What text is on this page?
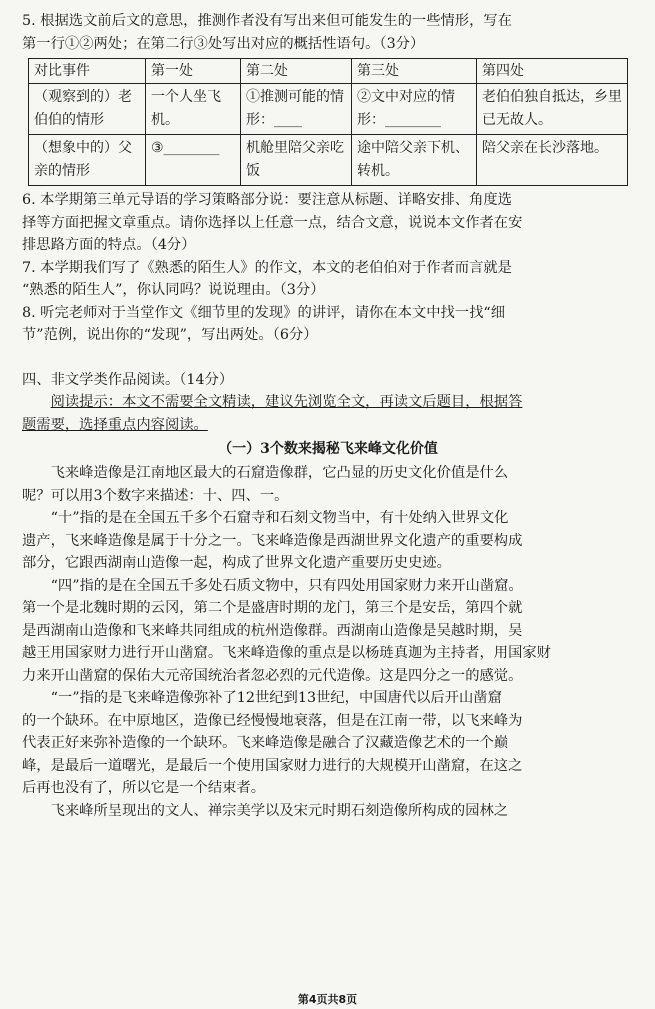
5. 根据选文前后文的意思，推测作者没有写出来但可能发生的一些情形，写在

第一行①②两处；在第二行③处写出对应的概括性语句。（3分）

对比事件	第一处	第二处	第三处	第四处
（观察到的）老伯伯的情形	一个人坐飞机。	①推测可能的情形：____	②文中对应的情形：________	老伯伯独自抵达，乡里已无故人。
（想象中的）父亲的情形	③________	机舱里陪父亲吃饭	途中陪父亲下机、转机。	陪父亲在长沙落地。

6. 本学期第三单元导语的学习策略部分说：要注意从标题、详略安排、角度选

择等方面把握文章重点。请你选择以上任意一点，结合文意，说说本文作者在安

排思路方面的特点。（4分）

7. 本学期我们写了《熟悉的陌生人》的作文，本文的老伯伯对于作者而言就是

“熟悉的陌生人”，你认同吗？说说理由。（3分）

8. 听完老师对于当堂作文《细节里的发现》的讲评，请你在本文中找一找“细

节”范例，说出你的“发现”，写出两处。（6分）

四、非文学类作品阅读。（14分）

阅读提示：本文不需要全文精读，建议先浏览全文，再读文后题目，根据答

题需要，选择重点内容阅读。

（一）3个数来揭秘飞来峰文化价值

飞来峰造像是江南地区最大的石窟造像群，它凸显的历史文化价值是什么

呢？可以用3个数字来描述：十、四、一。

“十”指的是在全国五千多个石窟寺和石刻文物当中，有十处纳入世界文化

遗产，飞来峰造像是属于十分之一。飞来峰造像是西湖世界文化遗产的重要构成

部分，它跟西湖南山造像一起，构成了世界文化遗产重要历史史迹。

“四”指的是在全国五千多处石质文物中，只有四处用国家财力来开山凿窟。

第一个是北魏时期的云冈，第二个是盛唐时期的龙门，第三个是安岳，第四个就

是西湖南山造像和飞来峰共同组成的杭州造像群。西湖南山造像是吴越时期，吴

越王用国家财力进行开山凿窟。飞来峰造像的重点是以杨琏真迦为主持者，用国家财

力来开山凿窟的保佑大元帝国统治者忽必烈的元代造像。这是四分之一的感觉。

“一”指的是飞来峰造像弥补了12世纪到13世纪，中国唐代以后开山凿窟

的一个缺环。在中原地区，造像已经慢慢地衰落，但是在江南一带，以飞来峰为

代表正好来弥补造像的一个缺环。飞来峰造像是融合了汉藏造像艺术的一个巅

峰，是最后一道曙光，是最后一个使用国家财力进行的大规模开山凿窟，在这之

后再也没有了，所以它是一个结束者。

飞来峰所呈现出的文人、禅宗美学以及宋元时期石刻造像所构成的园林之

第4页共8页
